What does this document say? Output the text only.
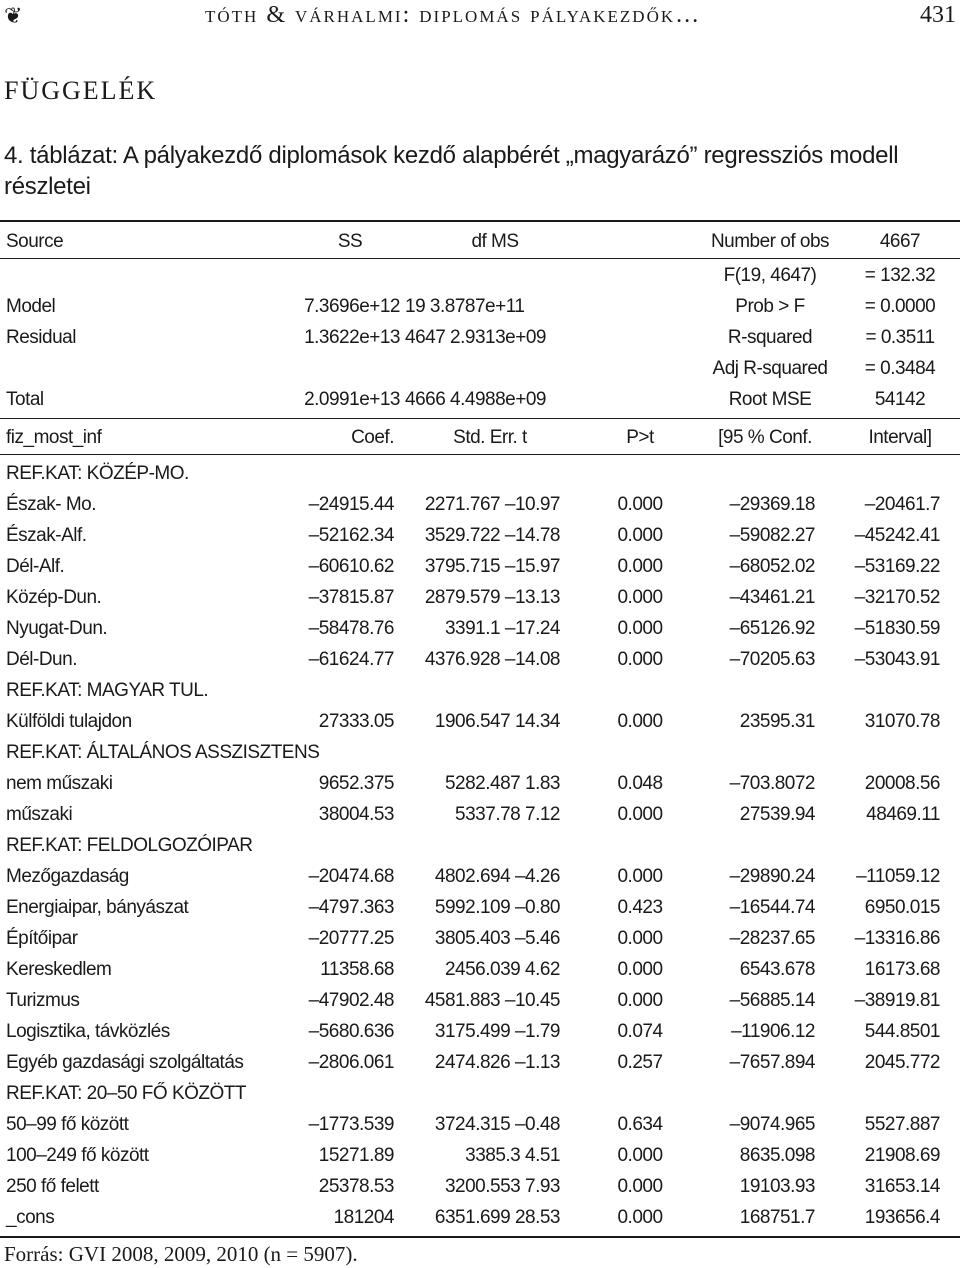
❦	tóth & várhalmi: diplomás pályakezdők…	431
FÜGGELÉK
4. táblázat: A pályakezdő diplomások kezdő alapbérét „magyarázó” regressziós modell részletei
Source	SS	df MS	Number of obs	4667
F(19, 4647)	= 132.32
Model	7.3696e+12 19 3.8787e+11	Prob > F	= 0.0000
Residual	1.3622e+13 4647 2.9313e+09	R-squared	= 0.3511
Adj R-squared	= 0.3484
Total	2.0991e+13 4666 4.4988e+09	Root MSE	54142
fiz_most_inf	Coef.	Std. Err. t	P>t	[95 % Conf.	Interval]
REF.KAT: KÖZÉP-MO.
Észak- Mo.	–24915.44	2271.767 –10.97	0.000	–29369.18	–20461.7
Észak-Alf.	–52162.34	3529.722 –14.78	0.000	–59082.27	–45242.41
Dél-Alf.	–60610.62	3795.715 –15.97	0.000	–68052.02	–53169.22
Közép-Dun.	–37815.87	2879.579 –13.13	0.000	–43461.21	–32170.52
Nyugat-Dun.	–58478.76	3391.1 –17.24	0.000	–65126.92	–51830.59
Dél-Dun.	–61624.77	4376.928 –14.08	0.000	–70205.63	–53043.91
REF.KAT: MAGYAR TUL.
Külföldi tulajdon	27333.05	1906.547 14.34	0.000	23595.31	31070.78
REF.KAT: ÁLTALÁNOS ASSZISZTENS
nem műszaki	9652.375	5282.487 1.83	0.048	–703.8072	20008.56
műszaki	38004.53	5337.78 7.12	0.000	27539.94	48469.11
REF.KAT: FELDOLGOZÓIPAR
Mezőgazdaság	–20474.68	4802.694 –4.26	0.000	–29890.24	–11059.12
Energiaipar, bányászat	–4797.363	5992.109 –0.80	0.423	–16544.74	6950.015
Építőipar	–20777.25	3805.403 –5.46	0.000	–28237.65	–13316.86
Kereskedlem	11358.68	2456.039 4.62	0.000	6543.678	16173.68
Turizmus	–47902.48	4581.883 –10.45	0.000	–56885.14	–38919.81
Logisztika, távközlés	–5680.636	3175.499 –1.79	0.074	–11906.12	544.8501
Egyéb gazdasági szolgáltatás	–2806.061	2474.826 –1.13	0.257	–7657.894	2045.772
REF.KAT: 20–50 FŐ KÖZÖTT
50–99 fő között	–1773.539	3724.315 –0.48	0.634	–9074.965	5527.887
100–249 fő között	15271.89	3385.3 4.51	0.000	8635.098	21908.69
250 fő felett	25378.53	3200.553 7.93	0.000	19103.93	31653.14
_cons	181204	6351.699 28.53	0.000	168751.7	193656.4
Forrás: GVI 2008, 2009, 2010 (n = 5907).
